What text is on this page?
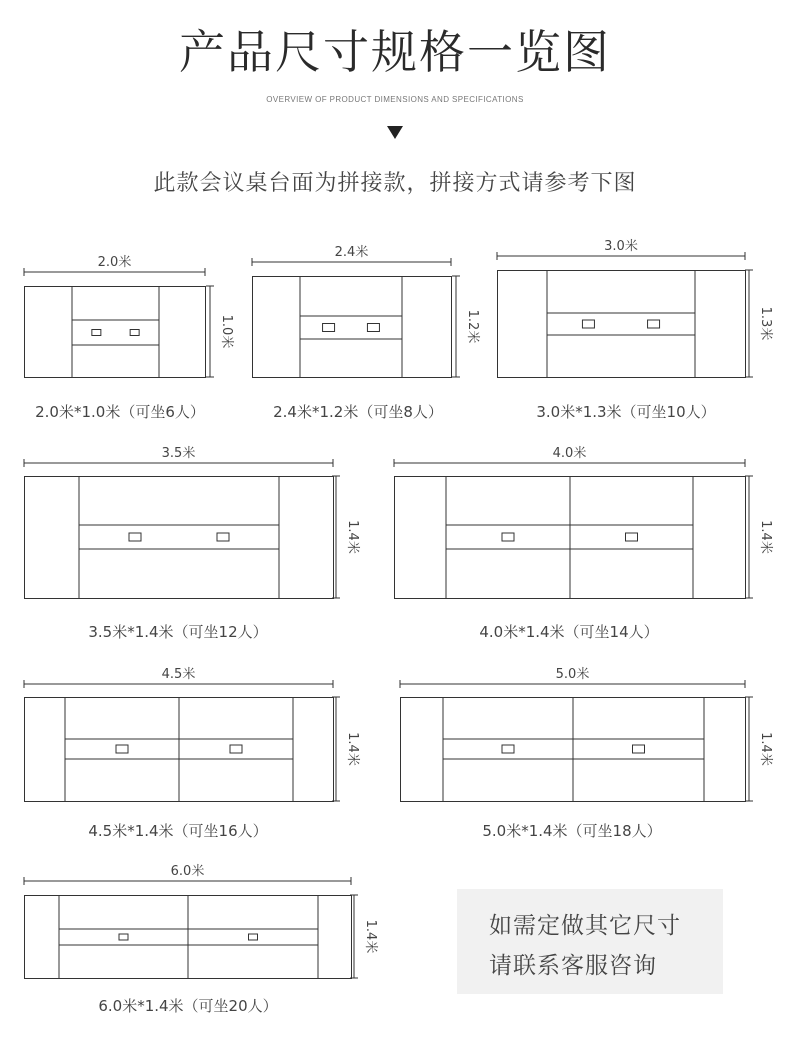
产品尺寸规格一览图
OVERVIEW OF PRODUCT DIMENSIONS AND SPECIFICATIONS
此款会议桌台面为拼接款，拼接方式请参考下图
2.0米
1.0米
2.0米*1.0米（可坐6人）
2.4米
1.2米
2.4米*1.2米（可坐8人）
3.0米
1.3米
3.0米*1.3米（可坐10人）
3.5米
1.4米
3.5米*1.4米（可坐12人）
4.0米
1.4米
4.0米*1.4米（可坐14人）
4.5米
1.4米
4.5米*1.4米（可坐16人）
5.0米
1.4米
5.0米*1.4米（可坐18人）
6.0米
1.4米
6.0米*1.4米（可坐20人）
如需定做其它尺寸
请联系客服咨询
